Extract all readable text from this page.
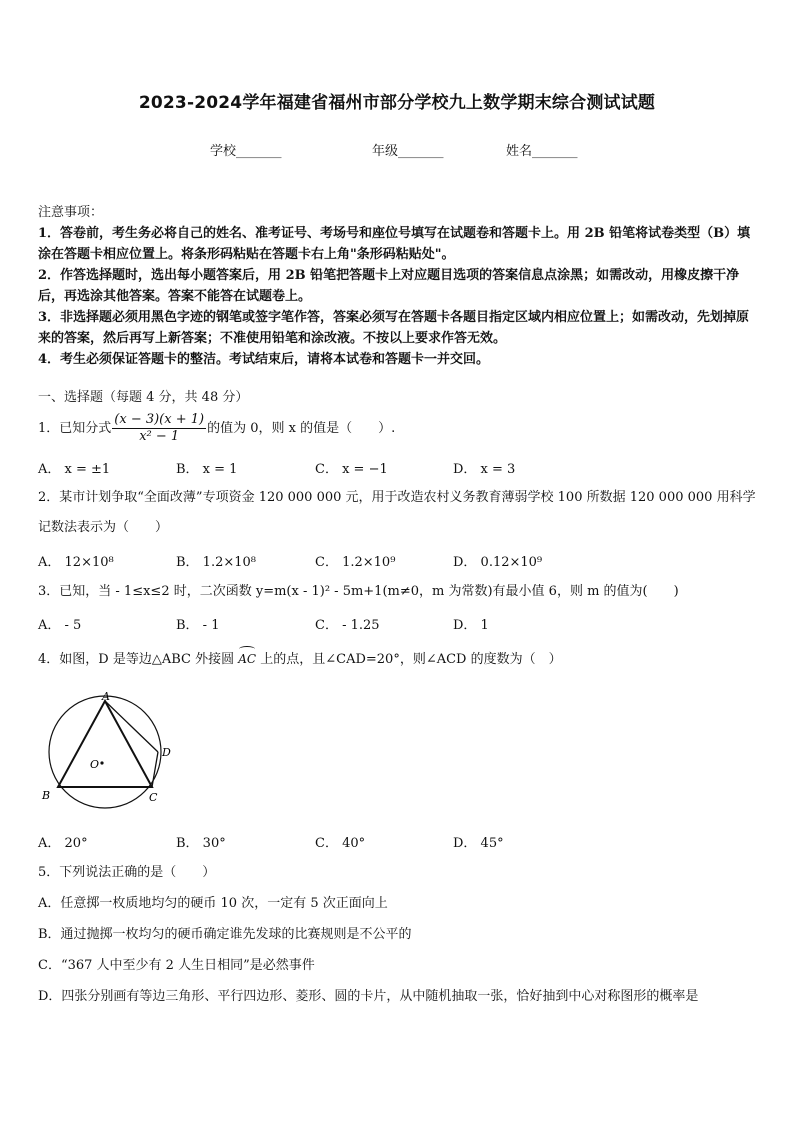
2023-2024学年福建省福州市部分学校九上数学期末综合测试试题
学校_______	年级_______	姓名_______

注意事项：

1．答卷前，考生务必将自己的姓名、准考证号、考场号和座位号填写在试题卷和答题卡上。用 2B 铅笔将试卷类型（B）填涂在答题卡相应位置上。将条形码粘贴在答题卡右上角"条形码粘贴处"。

2．作答选择题时，选出每小题答案后，用 2B 铅笔把答题卡上对应题目选项的答案信息点涂黑；如需改动，用橡皮擦干净后，再选涂其他答案。答案不能答在试题卷上。

3．非选择题必须用黑色字迹的钢笔或签字笔作答，答案必须写在答题卡各题目指定区域内相应位置上；如需改动，先划掉原来的答案，然后再写上新答案；不准使用铅笔和涂改液。不按以上要求作答无效。

4．考生必须保证答题卡的整洁。考试结束后，请将本试卷和答题卡一并交回。

一、选择题（每题 4 分，共 48 分）
1．已知分式 $\frac{(x - 3)(x + 1)}{\text{x² − 1}}$ 的值为 0，则 x 的值是（　　）.
A． x = ±1	B． x = 1	C． x = −1	D． x = 3
2．某市计划争取“全面改薄”专项资金 120 000 000 元，用于改造农村义务教育薄弱学校 100 所数据 120 000 000 用科学
记数法表示为（　　）
A． 12×10⁸	B． 1.2×10⁸	C． 1.2×10⁹	D． 0.12×10⁹
3．已知，当 - 1≤x≤2 时，二次函数 y=m(x - 1)² - 5m+1(m≠0，m 为常数)有最小值 6，则 m 的值为(　　)
A． - 5	B． - 1	C． - 1.25	D． 1
4．如图，D 是等边△ABC 外接圆 AC 上的点，且∠CAD=20°，则∠ACD 的度数为（　）
A
B	C
D
O
A． 20°	B． 30°	C． 40°	D． 45°
5．下列说法正确的是（　　）
A．任意掷一枚质地均匀的硬币 10 次，一定有 5 次正面向上
B．通过抛掷一枚均匀的硬币确定谁先发球的比赛规则是不公平的
C．“367 人中至少有 2 人生日相同”是必然事件
D．四张分别画有等边三角形、平行四边形、菱形、圆的卡片，从中随机抽取一张，恰好抽到中心对称图形的概率是
